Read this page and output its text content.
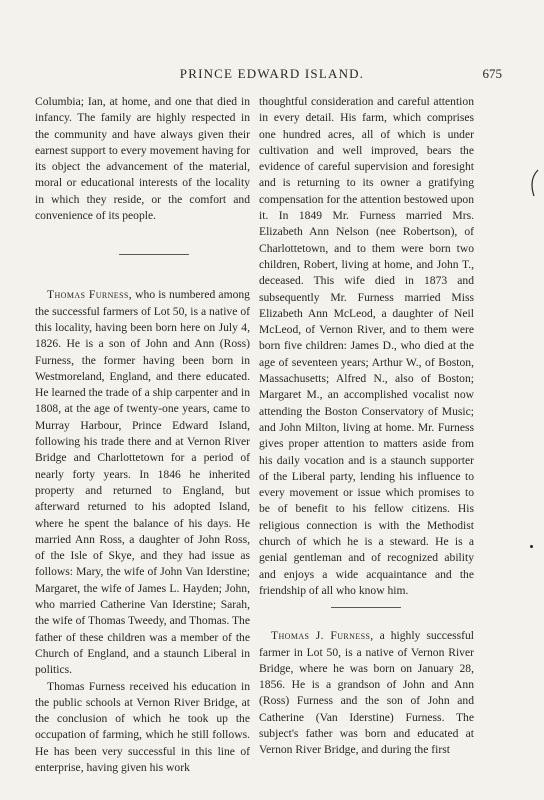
PRINCE EDWARD ISLAND.	675

Columbia; Ian, at home, and one that died in infancy. The family are highly respected in the community and have always given their earnest support to every movement having for its object the advancement of the material, moral or educational interests of the locality in which they reside, or the comfort and convenience of its people.

Thomas Furness, who is numbered among the successful farmers of Lot 50, is a native of this locality, having been born here on July 4, 1826. He is a son of John and Ann (Ross) Furness, the former having been born in Westmoreland, England, and there educated. He learned the trade of a ship carpenter and in 1808, at the age of twenty-one years, came to Murray Harbour, Prince Edward Island, following his trade there and at Vernon River Bridge and Charlottetown for a period of nearly forty years. In 1846 he inherited property and returned to England, but afterward returned to his adopted Island, where he spent the balance of his days. He married Ann Ross, a daughter of John Ross, of the Isle of Skye, and they had issue as follows: Mary, the wife of John Van Iderstine; Margaret, the wife of James L. Hayden; John, who married Catherine Van Iderstine; Sarah, the wife of Thomas Tweedy, and Thomas. The father of these children was a member of the Church of England, and a staunch Liberal in politics.

Thomas Furness received his education in the public schools at Vernon River Bridge, at the conclusion of which he took up the occupation of farming, which he still follows. He has been very successful in this line of enterprise, having given his work

thoughtful consideration and careful attention in every detail. His farm, which comprises one hundred acres, all of which is under cultivation and well improved, bears the evidence of careful supervision and foresight and is returning to its owner a gratifying compensation for the attention bestowed upon it. In 1849 Mr. Furness married Mrs. Elizabeth Ann Nelson (nee Robertson), of Charlottetown, and to them were born two children, Robert, living at home, and John T., deceased. This wife died in 1873 and subsequently Mr. Furness married Miss Elizabeth Ann McLeod, a daughter of Neil McLeod, of Vernon River, and to them were born five children: James D., who died at the age of seventeen years; Arthur W., of Boston, Massachusetts; Alfred N., also of Boston; Margaret M., an accomplished vocalist now attending the Boston Conservatory of Music; and John Milton, living at home. Mr. Furness gives proper attention to matters aside from his daily vocation and is a staunch supporter of the Liberal party, lending his influence to every movement or issue which promises to be of benefit to his fellow citizens. His religious connection is with the Methodist church of which he is a steward. He is a genial gentleman and of recognized ability and enjoys a wide acquaintance and the friendship of all who know him.

Thomas J. Furness, a highly successful farmer in Lot 50, is a native of Vernon River Bridge, where he was born on January 28, 1856. He is a grandson of John and Ann (Ross) Furness and the son of John and Catherine (Van Iderstine) Furness. The subject's father was born and educated at Vernon River Bridge, and during the first
